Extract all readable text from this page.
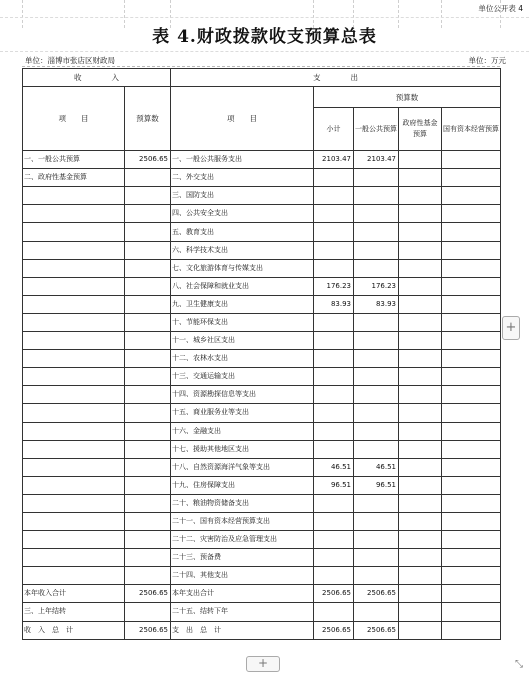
单位公开表 4
表 4.财政拨款收支预算总表
单位：淄博市张店区财政局	单位：万元
收　　　　入		支　　　　出				
项　　目	预算数	项　　目	预算数			
			小计	一般公共预算	政府性基金预算	国有资本经营预算
一、一般公共预算	2506.65	一、一般公共服务支出	2103.47	2103.47		
二、政府性基金预算		二、外交支出				
		三、国防支出				
		四、公共安全支出				
		五、教育支出				
		六、科学技术支出				
		七、文化旅游体育与传媒支出				
		八、社会保障和就业支出	176.23	176.23		
		九、卫生健康支出	83.93	83.93		
		十、节能环保支出				
		十一、城乡社区支出				
		十二、农林水支出				
		十三、交通运输支出				
		十四、资源勘探信息等支出				
		十五、商业服务业等支出				
		十六、金融支出				
		十七、援助其他地区支出				
		十八、自然资源海洋气象等支出	46.51	46.51		
		十九、住房保障支出	96.51	96.51		
		二十、粮油物资储备支出				
		二十一、国有资本经营预算支出				
		二十二、灾害防治及应急管理支出				
		二十三、预备费				
		二十四、其他支出				
本年收入合计	2506.65	本年支出合计	2506.65	2506.65		
三、上年结转		二十五、结转下年				
收　入　总　计	2506.65	支　出　总　计	2506.65	2506.65		
+
+	⤡
